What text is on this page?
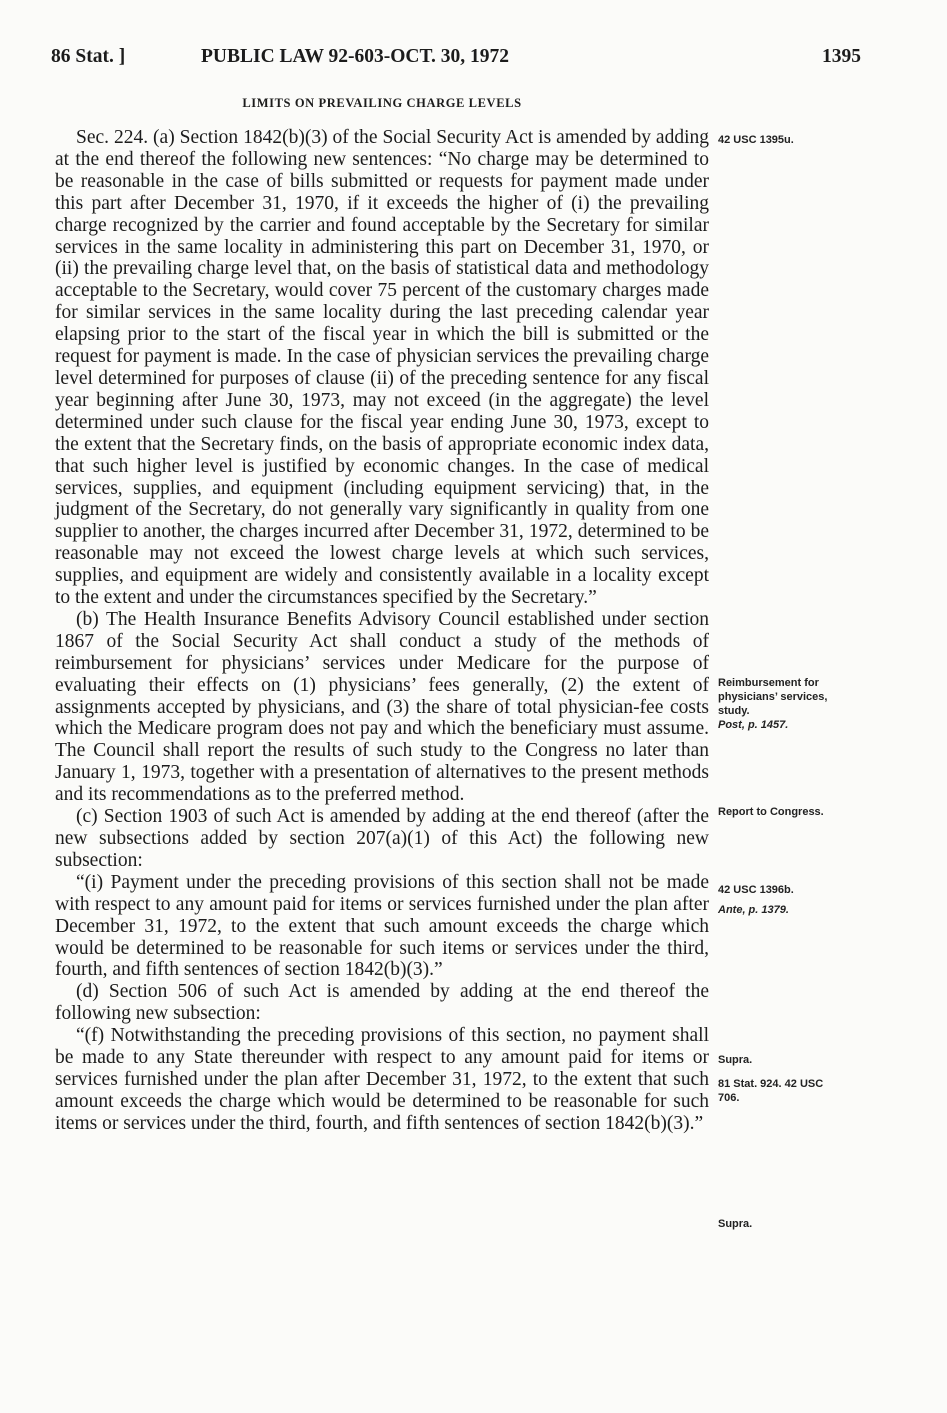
86 Stat. ]	PUBLIC LAW 92-603-OCT. 30, 1972	1395
LIMITS ON PREVAILING CHARGE LEVELS

Sec. 224. (a) Section 1842(b)(3) of the Social Security Act is amended by adding at the end thereof the following new sentences: “No charge may be determined to be reasonable in the case of bills submitted or requests for payment made under this part after December 31, 1970, if it exceeds the higher of (i) the prevailing charge recognized by the carrier and found acceptable by the Secretary for similar services in the same locality in administering this part on December 31, 1970, or (ii) the prevailing charge level that, on the basis of statistical data and methodology acceptable to the Secretary, would cover 75 percent of the customary charges made for similar services in the same locality during the last preceding calendar year elapsing prior to the start of the fiscal year in which the bill is submitted or the request for payment is made. In the case of physician services the prevailing charge level determined for purposes of clause (ii) of the preceding sentence for any fiscal year beginning after June 30, 1973, may not exceed (in the aggregate) the level determined under such clause for the fiscal year ending June 30, 1973, except to the extent that the Secretary finds, on the basis of appropriate economic index data, that such higher level is justified by economic changes. In the case of medical services, supplies, and equipment (including equipment servicing) that, in the judgment of the Secretary, do not generally vary significantly in quality from one supplier to another, the charges incurred after December 31, 1972, determined to be reasonable may not exceed the lowest charge levels at which such services, supplies, and equipment are widely and consistently available in a locality except to the extent and under the circumstances specified by the Secretary.”

(b) The Health Insurance Benefits Advisory Council established under section 1867 of the Social Security Act shall conduct a study of the methods of reimbursement for physicians’ services under Medicare for the purpose of evaluating their effects on (1) physicians’ fees generally, (2) the extent of assignments accepted by physicians, and (3) the share of total physician-fee costs which the Medicare program does not pay and which the beneficiary must assume. The Council shall report the results of such study to the Congress no later than January 1, 1973, together with a presentation of alternatives to the present methods and its recommendations as to the preferred method.

(c) Section 1903 of such Act is amended by adding at the end thereof (after the new subsections added by section 207(a)(1) of this Act) the following new subsection:

“(i) Payment under the preceding provisions of this section shall not be made with respect to any amount paid for items or services furnished under the plan after December 31, 1972, to the extent that such amount exceeds the charge which would be determined to be reasonable for such items or services under the third, fourth, and fifth sentences of section 1842(b)(3).”

(d) Section 506 of such Act is amended by adding at the end thereof the following new subsection:

“(f) Notwithstanding the preceding provisions of this section, no payment shall be made to any State thereunder with respect to any amount paid for items or services furnished under the plan after December 31, 1972, to the extent that such amount exceeds the charge which would be determined to be reasonable for such items or services under the third, fourth, and fifth sentences of section 1842(b)(3).”

42 USC 1395u.
Reimbursement for physicians’ services, study.
Post, p. 1457.
Report to Congress.
42 USC 1396b.
Ante, p. 1379.
Supra.
81 Stat. 924. 42 USC 706.
Supra.
